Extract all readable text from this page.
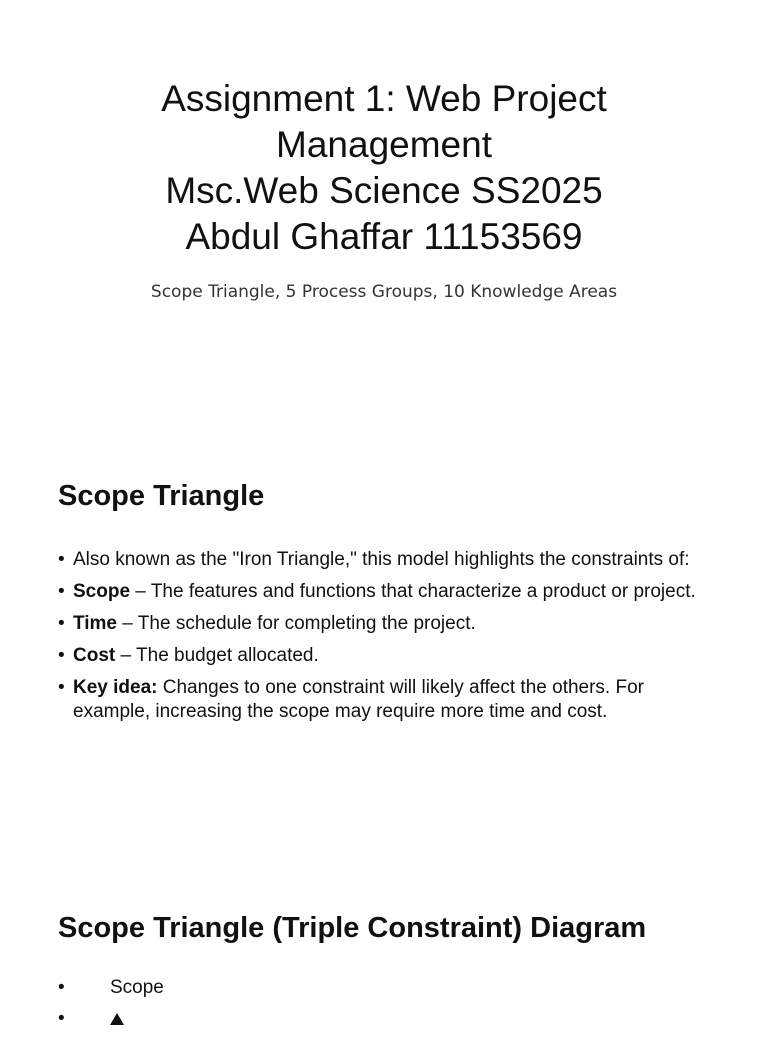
Assignment 1: Web Project
Management
Msc.Web Science SS2025
Abdul Ghaffar 11153569
Scope Triangle, 5 Process Groups, 10 Knowledge Areas
Scope Triangle
• Also known as the "Iron Triangle," this model highlights the constraints of:
• Scope – The features and functions that characterize a product or project.
• Time – The schedule for completing the project.
• Cost – The budget allocated.
• Key idea: Changes to one constraint will likely affect the others. For example, increasing the scope may require more time and cost.
Scope Triangle (Triple Constraint) Diagram
• Scope
•
